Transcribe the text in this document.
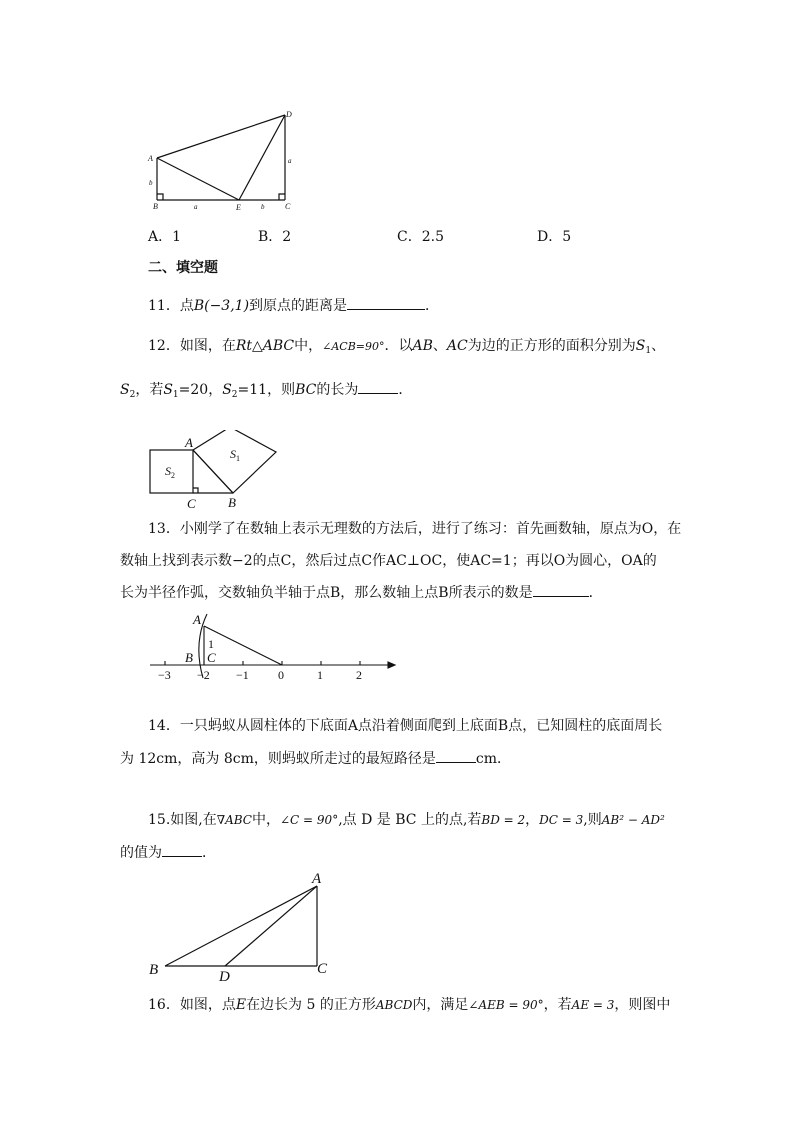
A
B	C
D
E
b
a	b
a
A．1	B．2	C．2.5	D．5
二、填空题
11．点B(−3,1)到原点的距离是	．
12．如图，在Rt△ABC中，∠ACB=90°．以AB、AC为边的正方形的面积分别为$S_1$、
$S_2$，若$S_1=20$，$S_2=11$，则BC的长为	．
A
B
C
$S_1$
$S_2$
13．小刚学了在数轴上表示无理数的方法后，进行了练习：首先画数轴，原点为O，在
数轴上找到表示数−2的点C，然后过点C作AC⊥OC，使AC=1；再以O为圆心，OA的
长为半径作弧，交数轴负半轴于点B，那么数轴上点B所表示的数是	．
A
B C
1
−3 −2 −1 0	1	2
14．一只蚂蚁从圆柱体的下底面A点沿着侧面爬到上底面B点，已知圆柱的底面周长
为 12cm，高为 8cm，则蚂蚁所走过的最短路径是	cm．
15.如图,在∇ABC中，∠C = 90°,点 D 是 BC 上的点,若BD = 2，DC = 3,则AB² − AD²
的值为	．
A
B	C
D
16．如图，点E在边长为 5 的正方形ABCD内，满足∠AEB = 90°，若AE = 3，则图中
